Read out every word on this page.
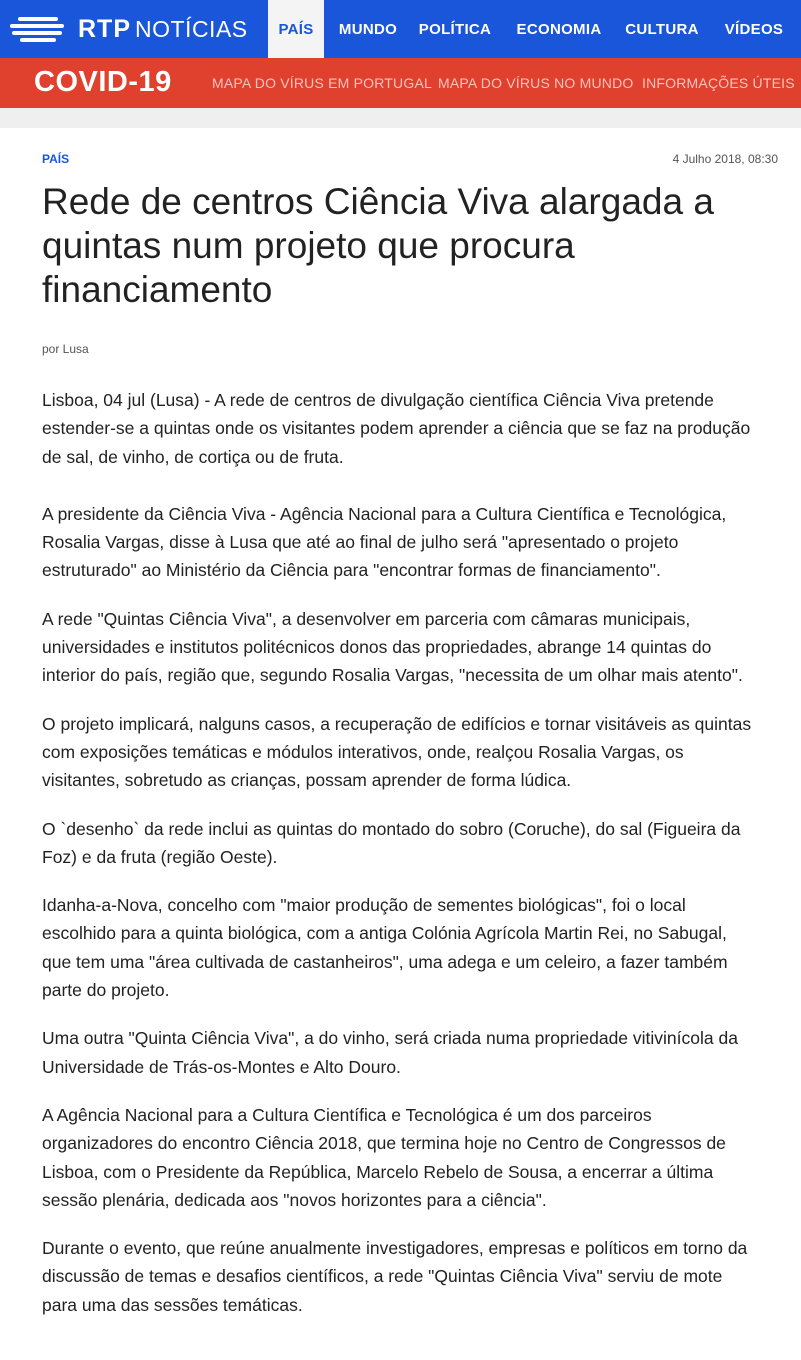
RTP NOTÍCIAS	PAÍS	MUNDO	POLÍTICA	ECONOMIA	CULTURA	VÍDEOS
COVID-19	MAPA DO VÍRUS EM PORTUGAL MAPA DO VÍRUS NO MUNDO INFORMAÇÕES ÚTEIS
PAÍS	4 Julho 2018, 08:30
Rede de centros Ciência Viva alargada a quintas num projeto que procura financiamento
por Lusa

Lisboa, 04 jul (Lusa) - A rede de centros de divulgação científica Ciência Viva pretende estender-se a quintas onde os visitantes podem aprender a ciência que se faz na produção de sal, de vinho, de cortiça ou de fruta.

A presidente da Ciência Viva - Agência Nacional para a Cultura Científica e Tecnológica, Rosalia Vargas, disse à Lusa que até ao final de julho será "apresentado o projeto estruturado" ao Ministério da Ciência para "encontrar formas de financiamento".

A rede "Quintas Ciência Viva", a desenvolver em parceria com câmaras municipais, universidades e institutos politécnicos donos das propriedades, abrange 14 quintas do interior do país, região que, segundo Rosalia Vargas, "necessita de um olhar mais atento".

O projeto implicará, nalguns casos, a recuperação de edifícios e tornar visitáveis as quintas com exposições temáticas e módulos interativos, onde, realçou Rosalia Vargas, os visitantes, sobretudo as crianças, possam aprender de forma lúdica.

O `desenho` da rede inclui as quintas do montado do sobro (Coruche), do sal (Figueira da Foz) e da fruta (região Oeste).

Idanha-a-Nova, concelho com "maior produção de sementes biológicas", foi o local escolhido para a quinta biológica, com a antiga Colónia Agrícola Martin Rei, no Sabugal, que tem uma "área cultivada de castanheiros", uma adega e um celeiro, a fazer também parte do projeto.

Uma outra "Quinta Ciência Viva", a do vinho, será criada numa propriedade vitivinícola da Universidade de Trás-os-Montes e Alto Douro.

A Agência Nacional para a Cultura Científica e Tecnológica é um dos parceiros organizadores do encontro Ciência 2018, que termina hoje no Centro de Congressos de Lisboa, com o Presidente da República, Marcelo Rebelo de Sousa, a encerrar a última sessão plenária, dedicada aos "novos horizontes para a ciência".

Durante o evento, que reúne anualmente investigadores, empresas e políticos em torno da discussão de temas e desafios científicos, a rede "Quintas Ciência Viva" serviu de mote para uma das sessões temáticas.
